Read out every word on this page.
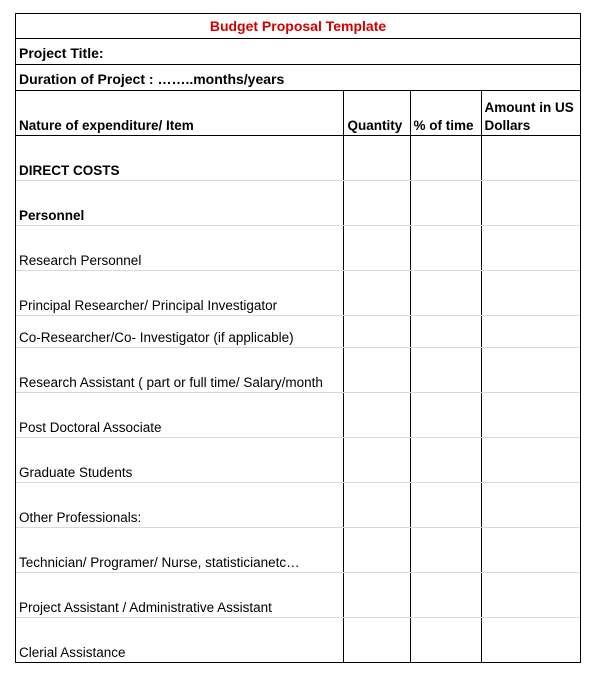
Budget Proposal Template
Project Title:
Duration of Project : ……..months/years
Nature of expenditure/ Item	Quantity	% of time	Amount in US Dollars
DIRECT COSTS			
Personnel			
Research Personnel			
Principal Researcher/ Principal Investigator			
Co-Researcher/Co- Investigator (if applicable)			
Research Assistant ( part or full time/ Salary/month			
Post Doctoral Associate			
Graduate Students			
Other Professionals:			
Technician/ Programer/ Nurse, statisticianetc…			
Project Assistant / Administrative Assistant			
Clerial Assistance			
